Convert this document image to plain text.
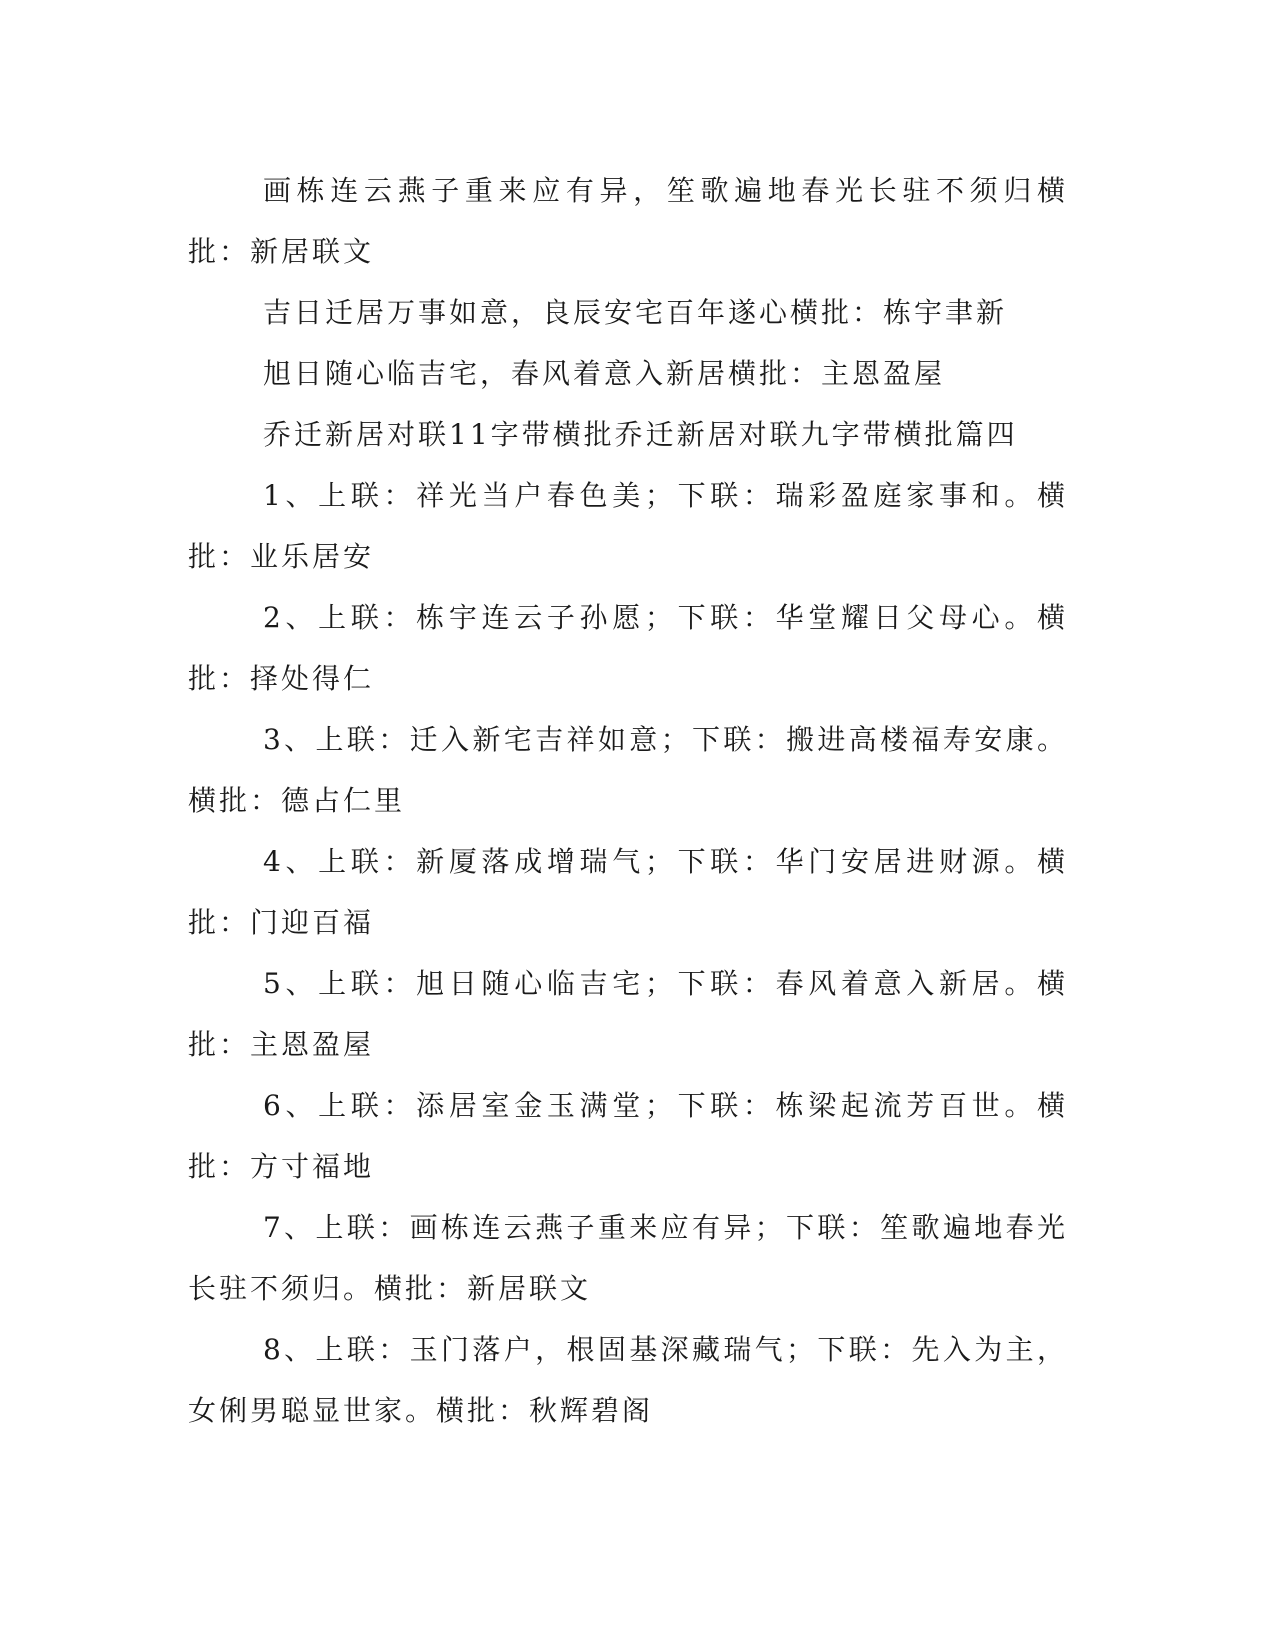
画栋连云燕子重来应有异，笙歌遍地春光长驻不须归横批：新居联文

吉日迁居万事如意，良辰安宅百年遂心横批：栋宇聿新

旭日随心临吉宅，春风着意入新居横批：主恩盈屋

乔迁新居对联11字带横批乔迁新居对联九字带横批篇四

1、上联：祥光当户春色美；下联：瑞彩盈庭家事和。横批：业乐居安

2、上联：栋宇连云子孙愿；下联：华堂耀日父母心。横批：择处得仁

3、上联：迁入新宅吉祥如意；下联：搬进高楼福寿安康。横批：德占仁里

4、上联：新厦落成增瑞气；下联：华门安居进财源。横批：门迎百福

5、上联：旭日随心临吉宅；下联：春风着意入新居。横批：主恩盈屋

6、上联：添居室金玉满堂；下联：栋梁起流芳百世。横批：方寸福地

7、上联：画栋连云燕子重来应有异；下联：笙歌遍地春光长驻不须归。横批：新居联文

8、上联：玉门落户，根固基深藏瑞气；下联：先入为主，女俐男聪显世家。横批：秋辉碧阁
